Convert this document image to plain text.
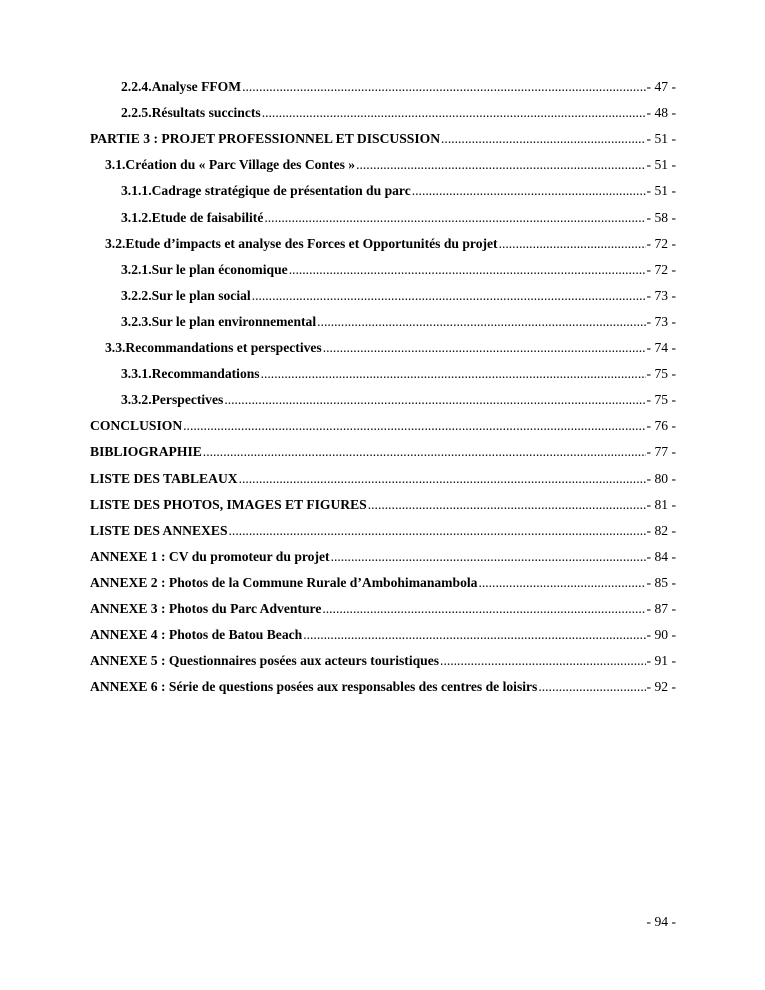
2.2.4. Analyse FFOM .....	- 47 -
2.2.5. Résultats succincts .....	- 48 -
PARTIE 3 : PROJET PROFESSIONNEL ET DISCUSSION .....	- 51 -
3.1. Création du « Parc Village des Contes » .....	- 51 -
3.1.1. Cadrage stratégique de présentation du parc .....	- 51 -
3.1.2. Etude de faisabilité .....	- 58 -
3.2. Etude d’impacts et analyse des Forces et Opportunités du projet .....	- 72 -
3.2.1. Sur le plan économique .....	- 72 -
3.2.2. Sur le plan social .....	- 73 -
3.2.3. Sur le plan environnemental .....	- 73 -
3.3. Recommandations et perspectives .....	- 74 -
3.3.1. Recommandations .....	- 75 -
3.3.2. Perspectives .....	- 75 -
CONCLUSION .....	- 76 -
BIBLIOGRAPHIE .....	- 77 -
LISTE DES TABLEAUX .....	- 80 -
LISTE DES PHOTOS, IMAGES ET FIGURES .....	- 81 -
LISTE DES ANNEXES .....	- 82 -
ANNEXE 1 : CV du promoteur du projet .....	- 84 -
ANNEXE 2 : Photos de la Commune Rurale d’Ambohimanambola .....	- 85 -
ANNEXE 3 : Photos du Parc Adventure .....	- 87 -
ANNEXE 4 : Photos de Batou Beach .....	- 90 -
ANNEXE 5 : Questionnaires posées aux acteurs touristiques .....	- 91 -
ANNEXE 6 : Série de questions posées aux responsables des centres de loisirs .....	- 92 -
- 94 -
